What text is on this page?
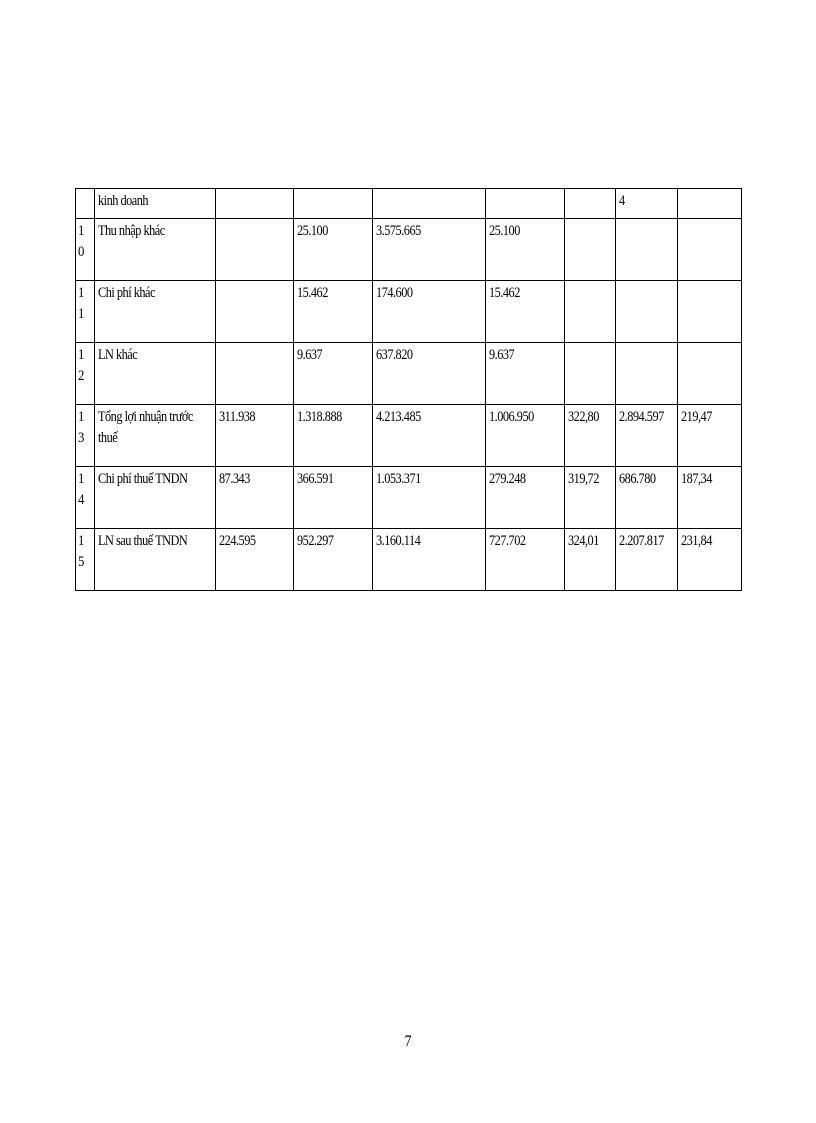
	kinh doanh						4	

10	Thu nhập khác		25.100	3.575.665	25.100			

11	Chi phí khác		15.462	174.600	15.462			

12	LN khác		9.637	637.820	9.637			

13	Tổng lợi nhuận trước thuế	311.938	1.318.888	4.213.485	1.006.950	322,80	2.894.597	219,47

14	Chi phí thuế TNDN	87.343	366.591	1.053.371	279.248	319,72	686.780	187,34

15	LN sau thuế TNDN	224.595	952.297	3.160.114	727.702	324,01	2.207.817	231,84
7
